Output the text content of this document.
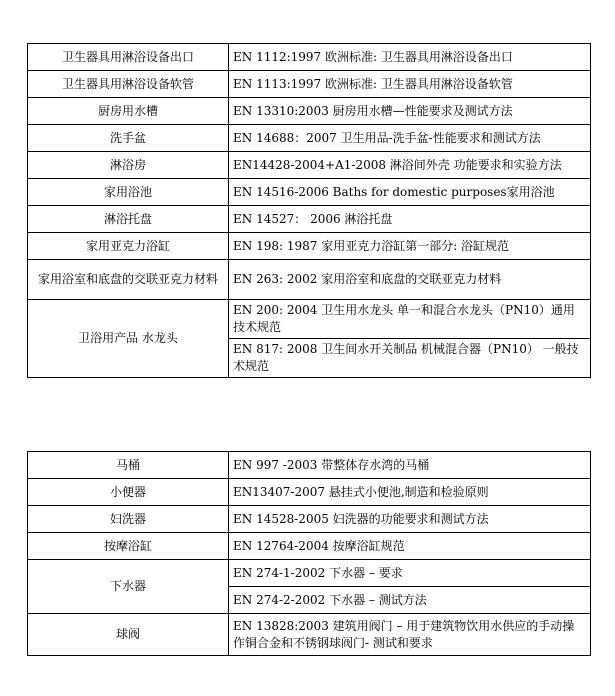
卫生器具用淋浴设备出口	EN 1112:1997 欧洲标准: 卫生器具用淋浴设备出口
卫生器具用淋浴设备软管	EN 1113:1997 欧洲标准: 卫生器具用淋浴设备软管
厨房用水槽	EN 13310:2003 厨房用水槽—性能要求及测试方法
洗手盆	EN 14688：2007 卫生用品-洗手盆-性能要求和测试方法
淋浴房	EN14428-2004+A1-2008 淋浴间外壳 功能要求和实验方法
家用浴池	EN 14516-2006 Baths for domestic purposes家用浴池
淋浴托盘	EN 14527： 2006 淋浴托盘
家用亚克力浴缸	EN 198: 1987 家用亚克力浴缸第一部分: 浴缸规范
家用浴室和底盘的交联亚克力材料	EN 263: 2002 家用浴室和底盘的交联亚克力材料
卫浴用产品 水龙头	EN 200: 2004 卫生用水龙头 单一和混合水龙头（PN10）通用技术规范
	EN 817: 2008 卫生间水开关制品 机械混合器（PN10） 一般技术规范
马桶	EN 997 -2003 带整体存水湾的马桶
小便器	EN13407-2007 悬挂式小便池,制造和检验原则
妇洗器	EN 14528-2005 妇洗器的功能要求和测试方法
按摩浴缸	EN 12764-2004 按摩浴缸规范
下水器	EN 274-1-2002 下水器 – 要求
	EN 274-2-2002 下水器 – 测试方法
球阀	EN 13828:2003 建筑用阀门 – 用于建筑物饮用水供应的手动操作铜合金和不锈钢球阀门- 测试和要求
